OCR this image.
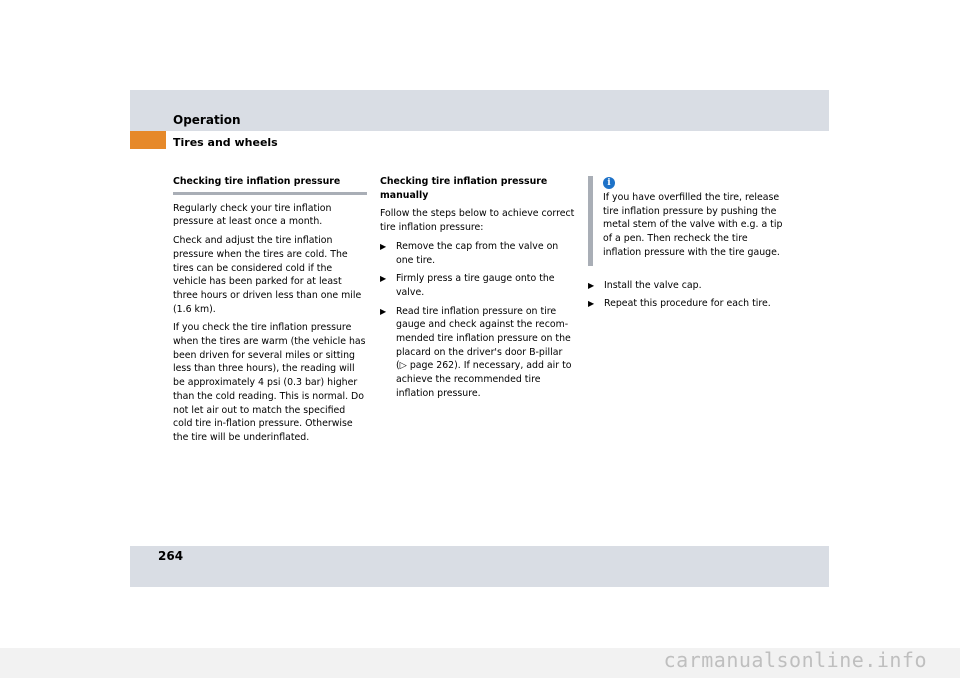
Operation
Tires and wheels
Checking tire inflation pressure

Regularly check your tire inflation pressure at least once a month.

Check and adjust the tire inflation pressure when the tires are cold. The tires can be considered cold if the vehicle has been parked for at least three hours or driven less than one mile (1.6 km).

If you check the tire inflation pressure when the tires are warm (the vehicle has been driven for several miles or sitting less than three hours), the reading will be approximately 4 psi (0.3 bar) higher than the cold reading. This is normal. Do not let air out to match the specified cold tire in-flation pressure. Otherwise the tire will be underinflated.

Checking tire inflation pressure manually

Follow the steps below to achieve correct tire inflation pressure:

▶ Remove the cap from the valve on one tire.
▶ Firmly press a tire gauge onto the valve.
▶ Read tire inflation pressure on tire gauge and check against the recom-mended tire inflation pressure on the placard on the driver's door B-pillar (▷ page 262). If necessary, add air to achieve the recommended tire inflation pressure.
i
If you have overfilled the tire, release tire inflation pressure by pushing the metal stem of the valve with e.g. a tip of a pen. Then recheck the tire inflation pressure with the tire gauge.
▶ Install the valve cap.
▶ Repeat this procedure for each tire.
264
carmanualsonline.info
